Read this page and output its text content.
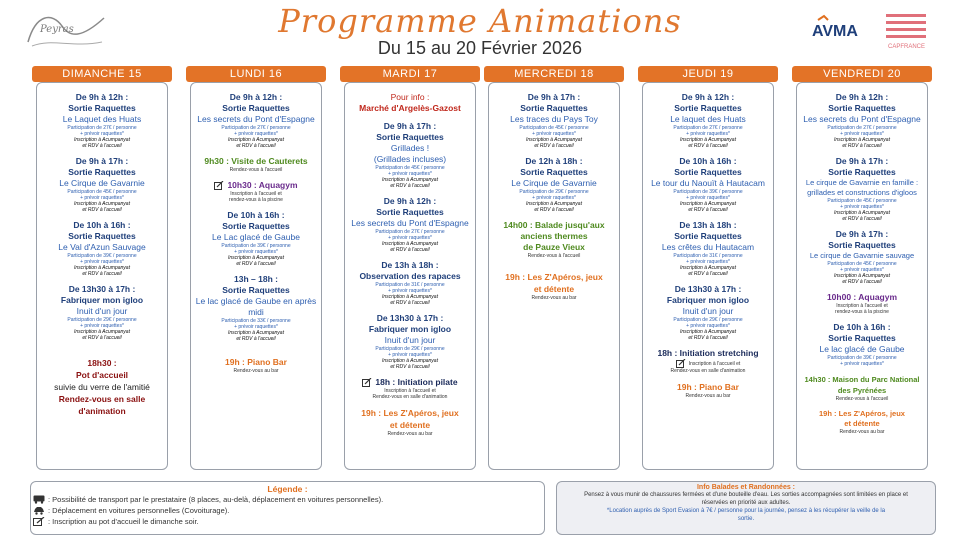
Peyras	Programme Animations
Du 15 au 20 Février 2026
AVMA
CAPFRANCE
DIMANCHE 15
De 9h à 12h :
Sortie Raquettes
Le Laquet des Huats
Participation de 27€ / personne
+ prévoir raquettes*
Inscription à Acumpanyat
et RDV à l'accueil
De 9h à 17h :
Sortie Raquettes
Le Cirque de Gavarnie
Participation de 45€ / personne
+ prévoir raquettes*
Inscription à Acumpanyat
et RDV à l'accueil
De 10h à 16h :
Sortie Raquettes
Le Val d'Azun Sauvage
Participation de 39€ / personne
+ prévoir raquettes*
Inscription à Acumpanyat
et RDV à l'accueil
De 13h30 à 17h :
Fabriquer mon igloo
Inuit d'un jour
Participation de 29€ / personne
+ prévoir raquettes*
Inscription à Acumpanyat
et RDV à l'accueil
18h30 :
Pot d'accueil
suivie du verre de l'amitié
Rendez-vous en salle
d'animation
LUNDI 16
De 9h à 12h :
Sortie Raquettes
Les secrets du Pont d'Espagne
Participation de 27€ / personne
+ prévoir raquettes*
Inscription à Acumpanyat
et RDV à l'accueil
9h30 : Visite de Cauterets
Rendez-vous à l'accueil
10h30 : Aquagym
Inscription à l'accueil et
rendez-vous à la piscine
De 10h à 16h :
Sortie Raquettes
Le Lac glacé de Gaube
Participation de 39€ / personne
+ prévoir raquettes*
Inscription à Acumpanyat
et RDV à l'accueil
13h – 18h :
Sortie Raquettes
Le lac glacé de Gaube en après midi
Participation de 33€ / personne
+ prévoir raquettes*
Inscription à Acumpanyat
et RDV à l'accueil
19h : Piano Bar
Rendez-vous au bar
MARDI 17
Pour info :
Marché d'Argelès-Gazost
De 9h à 17h :
Sortie Raquettes
Grillades !
(Grillades incluses)
Participation de 45€ / personne
+ prévoir raquettes*
Inscription à Acumpanyat
et RDV à l'accueil
De 9h à 12h :
Sortie Raquettes
Les secrets du Pont d'Espagne
Participation de 27€ / personne
+ prévoir raquettes*
Inscription à Acumpanyat
et RDV à l'accueil
De 13h à 18h :
Observation des rapaces
Participation de 31€ / personne
+ prévoir raquettes*
Inscription à Acumpanyat
et RDV à l'accueil
De 13h30 à 17h :
Fabriquer mon igloo
Inuit d'un jour
Participation de 29€ / personne
+ prévoir raquettes*
Inscription à Acumpanyat
et RDV à l'accueil
18h : Initiation pilate
Inscription à l'accueil et
Rendez-vous en salle d'animation
19h : Les Z'Apéros, jeux
et détente
Rendez-vous au bar
MERCREDI 18
De 9h à 17h :
Sortie Raquettes
Les traces du Pays Toy
Participation de 45€ / personne
+ prévoir raquettes*
Inscription à Acumpanyat
et RDV à l'accueil
De 12h à 18h :
Sortie Raquettes
Le Cirque de Gavarnie
Participation de 29€ / personne
+ prévoir raquettes*
Inscription à Acumpanyat
et RDV à l'accueil
14h00 : Balade jusqu'aux
anciens thermes
de Pauze Vieux
Rendez-vous à l'accueil
19h : Les Z'Apéros, jeux
et détente
Rendez-vous au bar
JEUDI 19
De 9h à 12h :
Sortie Raquettes
Le laquet des Huats
Participation de 27€ / personne
+ prévoir raquettes*
Inscription à Acumpanyat
et RDV à l'accueil
De 10h à 16h :
Sortie Raquettes
Le tour du Naouït à Hautacam
Participation de 39€ / personne
+ prévoir raquettes*
Inscription à Acumpanyat
et RDV à l'accueil
De 13h à 18h :
Sortie Raquettes
Les crêtes du Hautacam
Participation de 31€ / personne
+ prévoir raquettes*
Inscription à Acumpanyat
et RDV à l'accueil
De 13h30 à 17h :
Fabriquer mon igloo
Inuit d'un jour
Participation de 29€ / personne
+ prévoir raquettes*
Inscription à Acumpanyat
et RDV à l'accueil
18h : Initiation stretching
Inscription à l'accueil et
Rendez-vous en salle d'animation
19h : Piano Bar
Rendez-vous au bar
VENDREDI 20
De 9h à 12h :
Sortie Raquettes
Les secrets du Pont d'Espagne
Participation de 27€ / personne
+ prévoir raquettes*
Inscription à Acumpanyat
et RDV à l'accueil
De 9h à 17h :
Sortie Raquettes
Le cirque de Gavarnie en famille : grillades et constructions d'igloos
Participation de 45€ / personne
+ prévoir raquettes*
Inscription à Acumpanyat
et RDV à l'accueil
De 9h à 17h :
Sortie Raquettes
Le cirque de Gavarnie sauvage
Participation de 45€ / personne
+ prévoir raquettes*
Inscription à Acumpanyat
et RDV à l'accueil
10h00 : Aquagym
Inscription à l'accueil et
rendez-vous à la piscine
De 10h à 16h :
Sortie Raquettes
Le lac glacé de Gaube
Participation de 39€ / personne
+ prévoir raquettes*
14h30 : Maison du Parc National
des Pyrénées
Rendez-vous à l'accueil
19h : Les Z'Apéros, jeux
et détente
Rendez-vous au bar
Légende :
: Possibilité de transport par le prestataire (8 places, au-delà, déplacement en voitures personnelles).
: Déplacement en voitures personnelles (Covoiturage).
: Inscription au pot d'accueil le dimanche soir.
Info Balades et Randonnées :
Pensez à vous munir de chaussures fermées et d'une bouteille d'eau. Les sorties accompagnées sont limitées en place et
réservées en priorité aux adultes.
*Location auprès de Sport Evasion à 7€ / personne pour la journée, pensez à les récupérer la veille de la
sortie.
